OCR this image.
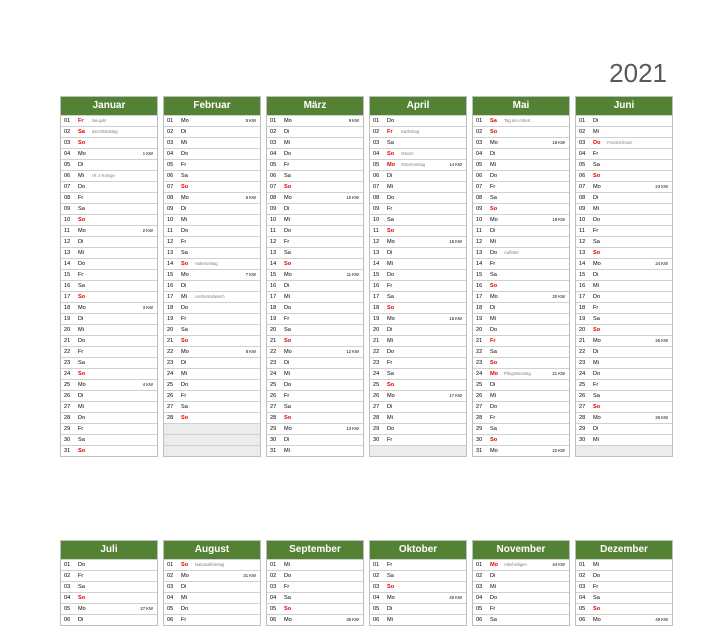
2021
Januar
01 Fr Neujahr
02 Sa Berchtoldstag
03 So
04 Mo	1 KW
05 Di
06 Mi Hl. 3 Könige
07 Do
08 Fr
09 Sa
10 So
11 Mo	2 KW
12 Di
13 Mi
14 Do
15 Fr
16 Sa
17 So
18 Mo	3 KW
19 Di
20 Mi
21 Do
22 Fr
23 Sa
24 So
25 Mo	4 KW
26 Di
27 Mi
28 Do
29 Fr
30 Sa
31 So
Februar
01 Mo	5 KW
02 Di
03 Mi
04 Do
05 Fr
06 Sa
07 So
08 Mo	6 KW
09 Di
10 Mi
11 Do
12 Fr
13 Sa
14 So Valentinstag
15 Mo	7 KW
16 Di
17 Mi Aschermittwoch
18 Do
19 Fr
20 Sa
21 So
22 Mo	8 KW
23 Di
24 Mi
25 Do
26 Fr
27 Sa
28 So
März
01 Mo	9 KW
02 Di
03 Mi
04 Do
05 Fr
06 Sa
07 So
08 Mo	10 KW
09 Di
10 Mi
11 Do
12 Fr
13 Sa
14 So
15 Mo	11 KW
16 Di
17 Mi
18 Do
19 Fr
20 Sa
21 So
22 Mo	12 KW
23 Di
24 Mi
25 Do
26 Fr
27 Sa
28 So
29 Mo	13 KW
30 Di
31 Mi
April
01 Do
02 Fr Karfreitag
03 Sa
04 So Ostern
05 Mo Ostermontag	14 KW
06 Di
07 Mi
08 Do
09 Fr
10 Sa
11 So
12 Mo	15 KW
13 Di
14 Mi
15 Do
16 Fr
17 Sa
18 So
19 Mo	16 KW
20 Di
21 Mi
22 Do
23 Fr
24 Sa
25 So
26 Mo	17 KW
27 Di
28 Mi
29 Do
30 Fr
Mai
01 Sa Tag der Arbeit
02 So
03 Mo	18 KW
04 Di
05 Mi
06 Do
07 Fr
08 Sa
09 So
10 Mo	19 KW
11 Di
12 Mi
13 Do Auffahrt
14 Fr
15 Sa
16 So
17 Mo	20 KW
18 Di
19 Mi
20 Do
21 Fr
22 Sa
23 So
24 Mo Pfingstmontag	21 KW
25 Di
26 Mi
27 Do
28 Fr
29 Sa
30 So
31 Mo	22 KW
Juni
01 Di
02 Mi
03 Do Fronleichnam
04 Fr
05 Sa
06 So
07 Mo	23 KW
08 Di
09 Mi
10 Do
11 Fr
12 Sa
13 So
14 Mo	24 KW
15 Di
16 Mi
17 Do
18 Fr
19 Sa
20 So
21 Mo	25 KW
22 Di
23 Mi
24 Do
25 Fr
26 Sa
27 So
28 Mo	26 KW
29 Di
30 Mi
Juli
01 Do
02 Fr
03 Sa
04 So
05 Mo	27 KW
06 Di
August
01 So Nationalfeiertag
02 Mo	31 KW
03 Di
04 Mi
05 Do
06 Fr
September
01 Mi
02 Do
03 Fr
04 Sa
05 So
06 Mo	36 KW
Oktober
01 Fr
02 Sa
03 So
04 Mo	40 KW
05 Di
06 Mi
November
01 Mo Allerheiligen	44 KW
02 Di
03 Mi
04 Do
05 Fr
06 Sa
Dezember
01 Mi
02 Do
03 Fr
04 Sa
05 So
06 Mo	49 KW
